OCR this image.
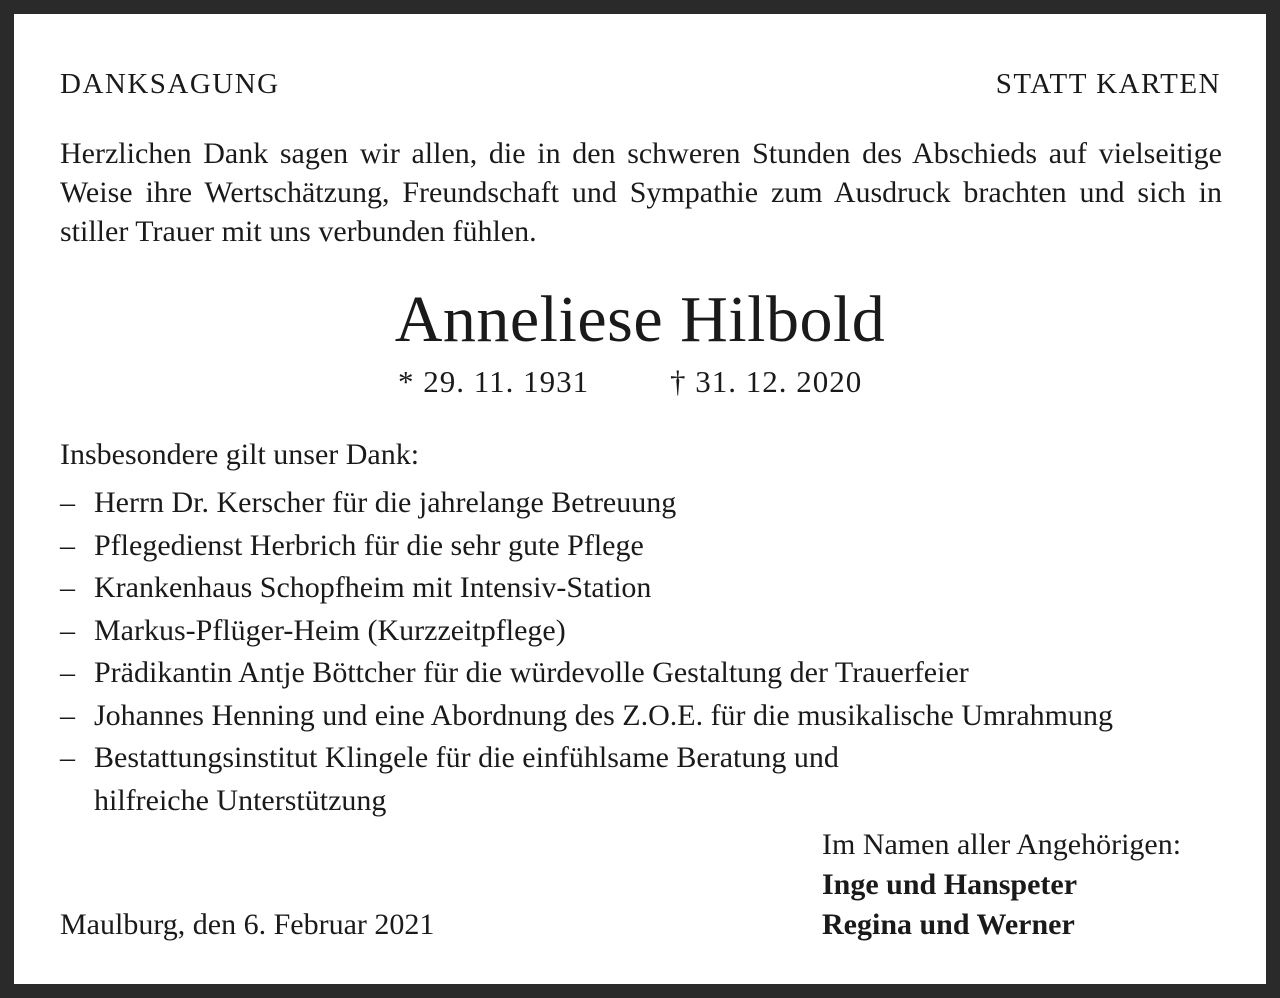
DANKSAGUNG	STATT KARTEN
Herzlichen Dank sagen wir allen, die in den schweren Stunden des Abschieds auf vielseitige Weise ihre Wertschätzung, Freundschaft und Sympathie zum Ausdruck brachten und sich in stiller Trauer mit uns verbunden fühlen.
Anneliese Hilbold
* 29. 11. 1931	† 31. 12. 2020
Insbesondere gilt unser Dank:
– Herrn Dr. Kerscher für die jahrelange Betreuung
– Pflegedienst Herbrich für die sehr gute Pflege
– Krankenhaus Schopfheim mit Intensiv-Station
– Markus-Pflüger-Heim (Kurzzeitpflege)
– Prädikantin Antje Böttcher für die würdevolle Gestaltung der Trauerfeier
– Johannes Henning und eine Abordnung des Z.O.E. für die musikalische Umrahmung
– Bestattungsinstitut Klingele für die einfühlsame Beratung und
hilfreiche Unterstützung
Im Namen aller Angehörigen:
Inge und Hanspeter
Regina und Werner
Maulburg, den 6. Februar 2021
